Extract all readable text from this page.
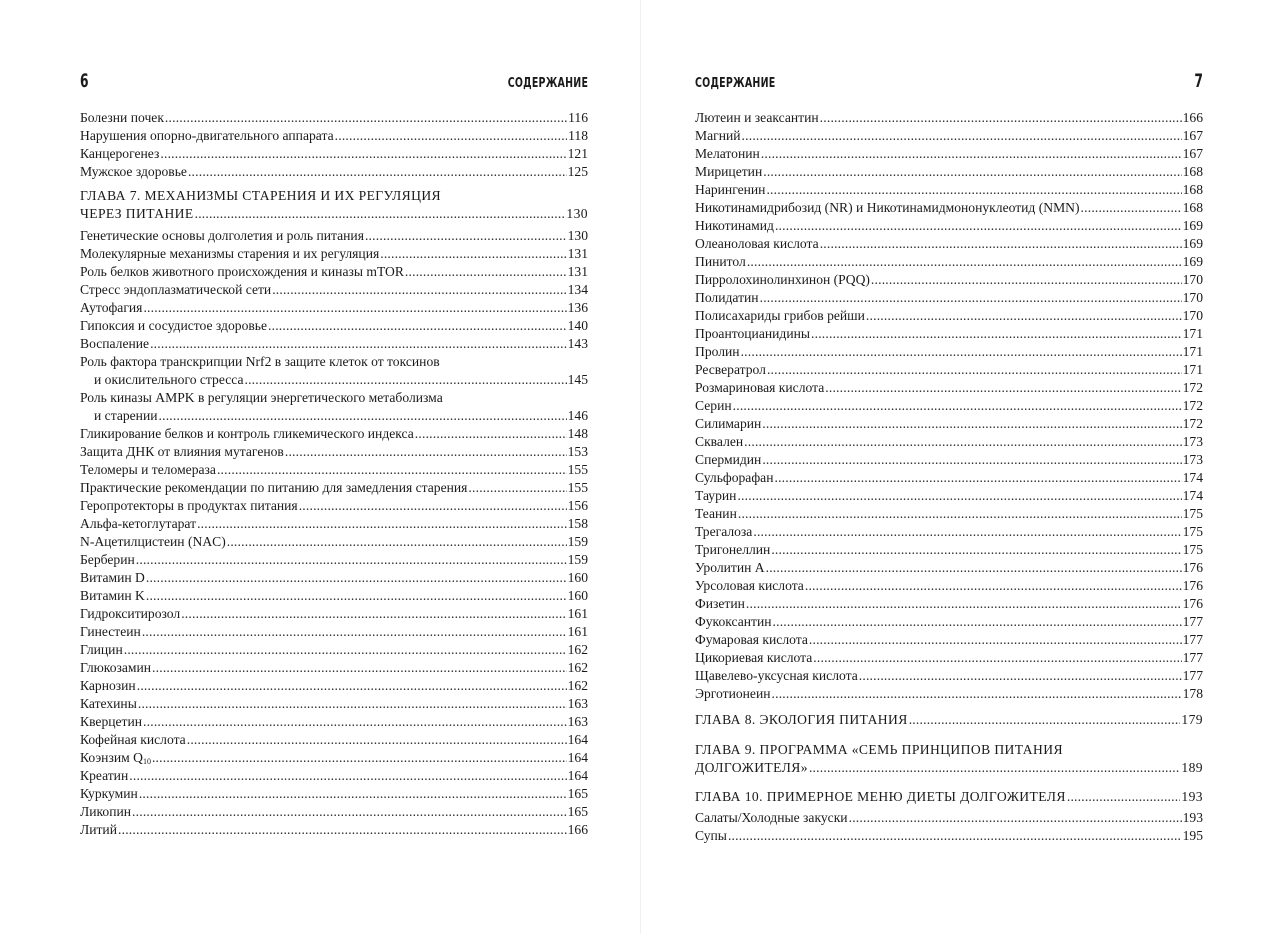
6	СОДЕРЖАНИЕ
Болезни почек . . .	116
Нарушения опорно-двигательного аппарата . . .	118
Канцерогенез . . .	121
Мужское здоровье . . .	125
ГЛАВА 7. МЕХАНИЗМЫ СТАРЕНИЯ И ИХ РЕГУЛЯЦИЯ
ЧЕРЕЗ ПИТАНИЕ . . .	130
Генетические основы долголетия и роль питания . . .	130
Молекулярные механизмы старения и их регуляция . . .	131
Роль белков животного происхождения и киназы mTOR . . .	131
Стресс эндоплазматической сети . . .	134
Аутофагия . . .	136
Гипоксия и сосудистое здоровье . . .	140
Воспаление . . .	143
Роль фактора транскрипции Nrf2 в защите клеток от токсинов
и окислительного стресса . . .	145
Роль киназы AMPK в регуляции энергетического метаболизма
и старении . . .	146
Гликирование белков и контроль гликемического индекса . . .	148
Защита ДНК от влияния мутагенов . . .	153
Теломеры и теломераза . . .	155
Практические рекомендации по питанию для замедления старения . . .	155
Геропротекторы в продуктах питания . . .	156
Альфа-кетоглутарат . . .	158
N-Ацетилцистеин (NAC) . . .	159
Берберин . . .	159
Витамин D . . .	160
Витамин K . . .	160
Гидрокситирозол . . .	161
Гинестеин . . .	161
Глицин . . .	162
Глюкозамин . . .	162
Карнозин . . .	162
Катехины . . .	163
Кверцетин . . .	163
Кофейная кислота . . .	164
Коэнзим $Q_{10}$ . . .	164
Креатин . . .	164
Куркумин . . .	165
Ликопин . . .	165
Литий . . .	166
СОДЕРЖАНИЕ	7
Лютеин и зеаксантин . . .	166
Магний . . .	167
Мелатонин . . .	167
Мирицетин . . .	168
Нарингенин . . .	168
Никотинамидрибозид (NR) и Никотинамидмононуклеотид (NMN) . . .	168
Никотинамид . . .	169
Олеаноловая кислота . . .	169
Пинитол . . .	169
Пирролохинолинхинон (PQQ) . . .	170
Полидатин . . .	170
Полисахариды грибов рейши . . .	170
Проантоцианидины . . .	171
Пролин . . .	171
Ресвератрол . . .	171
Розмариновая кислота . . .	172
Серин . . .	172
Силимарин . . .	172
Сквален . . .	173
Спермидин . . .	173
Сульфорафан . . .	174
Таурин . . .	174
Теанин . . .	175
Трегалоза . . .	175
Тригонеллин . . .	175
Уролитин А . . .	176
Урсоловая кислота . . .	176
Физетин . . .	176
Фукоксантин . . .	177
Фумаровая кислота . . .	177
Цикориевая кислота . . .	177
Щавелево-уксусная кислота . . .	177
Эрготионеин . . .	178
ГЛАВА 8. ЭКОЛОГИЯ ПИТАНИЯ . . .	179
ГЛАВА 9. ПРОГРАММА «СЕМЬ ПРИНЦИПОВ ПИТАНИЯ
ДОЛГОЖИТЕЛЯ» . . .	189
ГЛАВА 10. ПРИМЕРНОЕ МЕНЮ ДИЕТЫ ДОЛГОЖИТЕЛЯ . . .	193
Салаты/Холодные закуски . . .	193
Супы . . .	195
